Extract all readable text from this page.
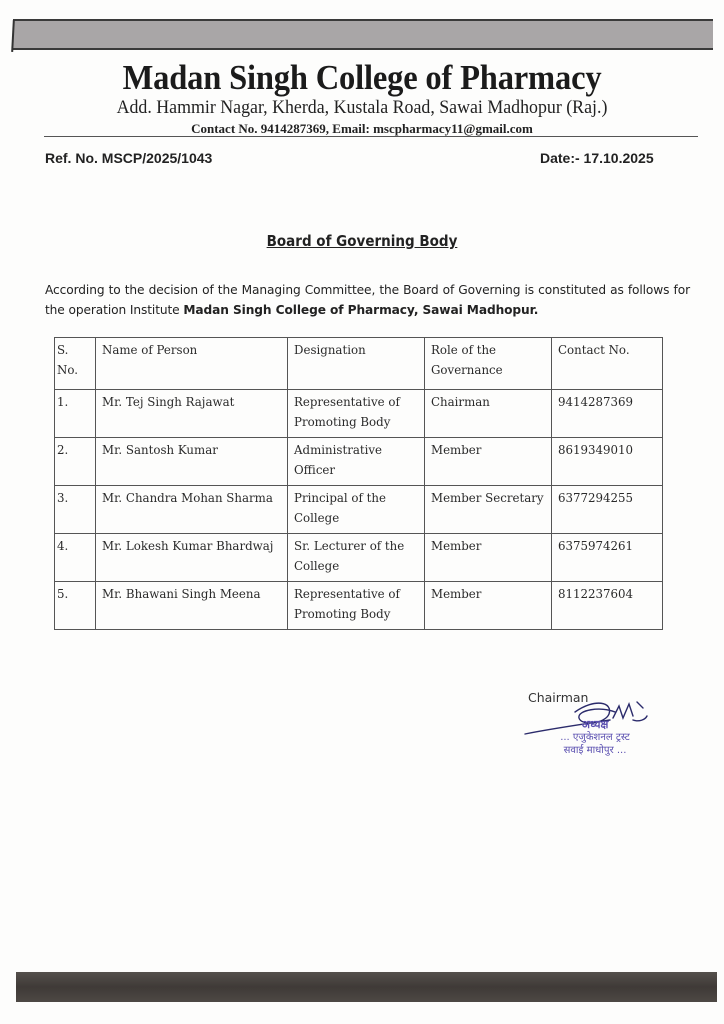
Madan Singh College of Pharmacy
Add. Hammir Nagar, Kherda, Kustala Road, Sawai Madhopur (Raj.)
Contact No. 9414287369, Email: mscpharmacy11@gmail.com
Ref. No. MSCP/2025/1043	Date:- 17.10.2025
Board of Governing Body
According to the decision of the Managing Committee, the Board of Governing is constituted as follows for the operation Institute Madan Singh College of Pharmacy, Sawai Madhopur.
S. No.	Name of Person	Designation	Role of the Governance	Contact No.
1.	Mr. Tej Singh Rajawat	Representative of Promoting Body	Chairman	9414287369
2.	Mr. Santosh Kumar	Administrative Officer	Member	8619349010
3.	Mr. Chandra Mohan Sharma	Principal of the College	Member Secretary	6377294255
4.	Mr. Lokesh Kumar Bhardwaj	Sr. Lecturer of the College	Member	6375974261
5.	Mr. Bhawani Singh Meena	Representative of Promoting Body	Member	8112237604
Chairman
अध्यक्ष
... एजुकेशनल ट्रस्ट
सवाई माधोपुर ...
